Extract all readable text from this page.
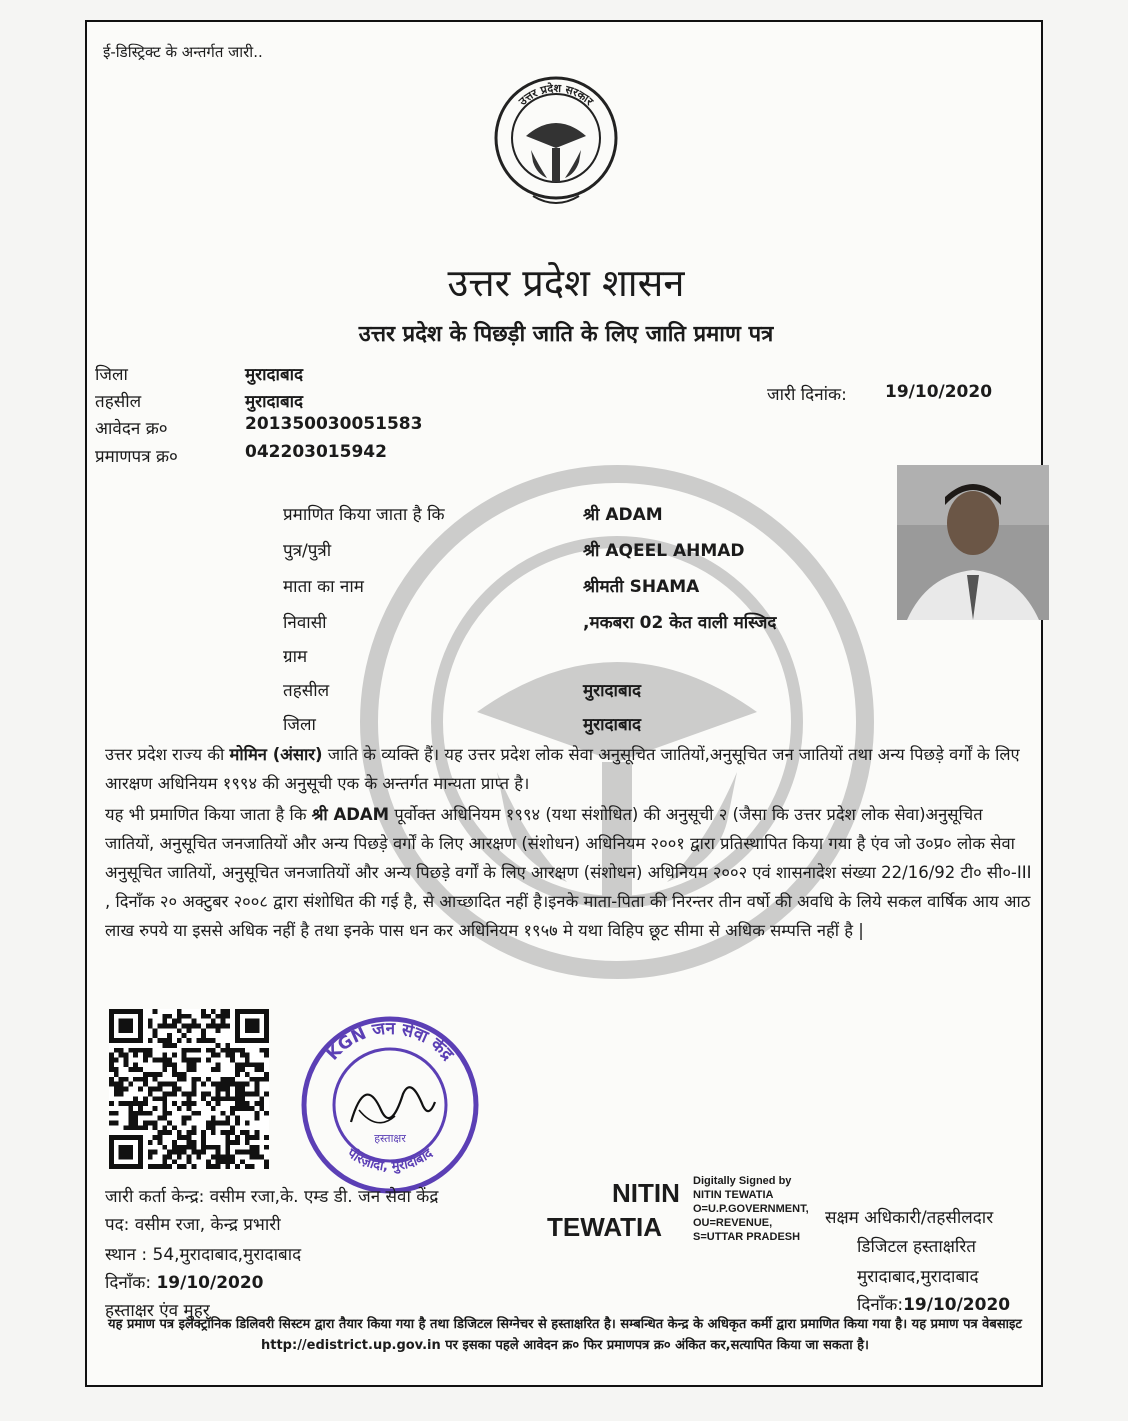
ई-डिस्ट्रिक्ट के अन्तर्गत जारी..
उत्तर प्रदेश सरकार
उत्तर प्रदेश शासन
उत्तर प्रदेश के पिछड़ी जाति के लिए जाति प्रमाण पत्र
जिला	मुरादाबाद
तहसील	मुरादाबाद
आवेदन क्र०	201350030051583
प्रमाणपत्र क्र०	042203015942
जारी दिनांक: 19/10/2020
प्रमाणित किया जाता है कि	श्री ADAM
पुत्र/पुत्री	श्री AQEEL AHMAD
माता का नाम	श्रीमती SHAMA
निवासी	,मकबरा 02 केत वाली मस्जिद
ग्राम
तहसील	मुरादाबाद
जिला	मुरादाबाद
उत्तर प्रदेश राज्य की मोमिन (अंसार) जाति के व्यक्ति हैं। यह उत्तर प्रदेश लोक सेवा अनुसूचित जातियों,अनुसूचित जन जातियों तथा अन्य पिछड़े वर्गों के लिए आरक्षण अधिनियम १९९४ की अनुसूची एक के अन्तर्गत मान्यता प्राप्त है।
यह भी प्रमाणित किया जाता है कि श्री ADAM पूर्वोक्त अधिनियम १९९४ (यथा संशोधित) की अनुसूची २ (जैसा कि उत्तर प्रदेश लोक सेवा)अनुसूचित जातियों, अनुसूचित जनजातियों और अन्य पिछड़े वर्गों के लिए आरक्षण (संशोधन) अधिनियम २००१ द्वारा प्रतिस्थापित किया गया है एंव जो उ०प्र० लोक सेवा अनुसूचित जातियों, अनुसूचित जनजातियों और अन्य पिछड़े वर्गों के लिए आरक्षण (संशोधन) अधिनियम २००२ एवं शासनादेश संख्या 22/16/92 टी० सी०-III , दिनाँक २० अक्टुबर २००८ द्वारा संशोधित की गई है, से आच्छादित नहीं है।इनके माता-पिता की निरन्तर तीन वर्षो की अवधि के लिये सकल वार्षिक आय आठ लाख रुपये या इससे अधिक नहीं है तथा इनके पास धन कर अधिनियम १९५७ मे यथा विहिप छूट सीमा से अधिक सम्पत्ति नहीं है |
KGN जन सेवा केंद्र
पीरज़ादा, मुरादाबाद
हस्ताक्षर
जारी कर्ता केन्द्र: वसीम रजा,के. एम्ड डी. जन सेवा केंद्र
पद: वसीम रजा, केन्द्र प्रभारी
स्थान : 54,मुरादाबाद,मुरादाबाद
दिनाँक: 19/10/2020
हस्ताक्षर एंव मुहर
NITIN
TEWATIA
Digitally Signed by
NITIN TEWATIA
O=U.P.GOVERNMENT,
OU=REVENUE,
S=UTTAR PRADESH
सक्षम अधिकारी/तहसीलदार
डिजिटल हस्ताक्षरित
मुरादाबाद,मुरादाबाद
दिनाँक:19/10/2020
यह प्रमाण पत्र इलेक्ट्रॉनिक डिलिवरी सिस्टम द्वारा तैयार किया गया है तथा डिजिटल सिग्नेचर से हस्ताक्षरित है। सम्बन्धित केन्द्र के अधिकृत कर्मी द्वारा प्रमाणित किया गया है। यह प्रमाण पत्र वेबसाइट http://edistrict.up.gov.in पर इसका पहले आवेदन क्र० फिर प्रमाणपत्र क्र० अंकित कर,सत्यापित किया जा सकता है।
